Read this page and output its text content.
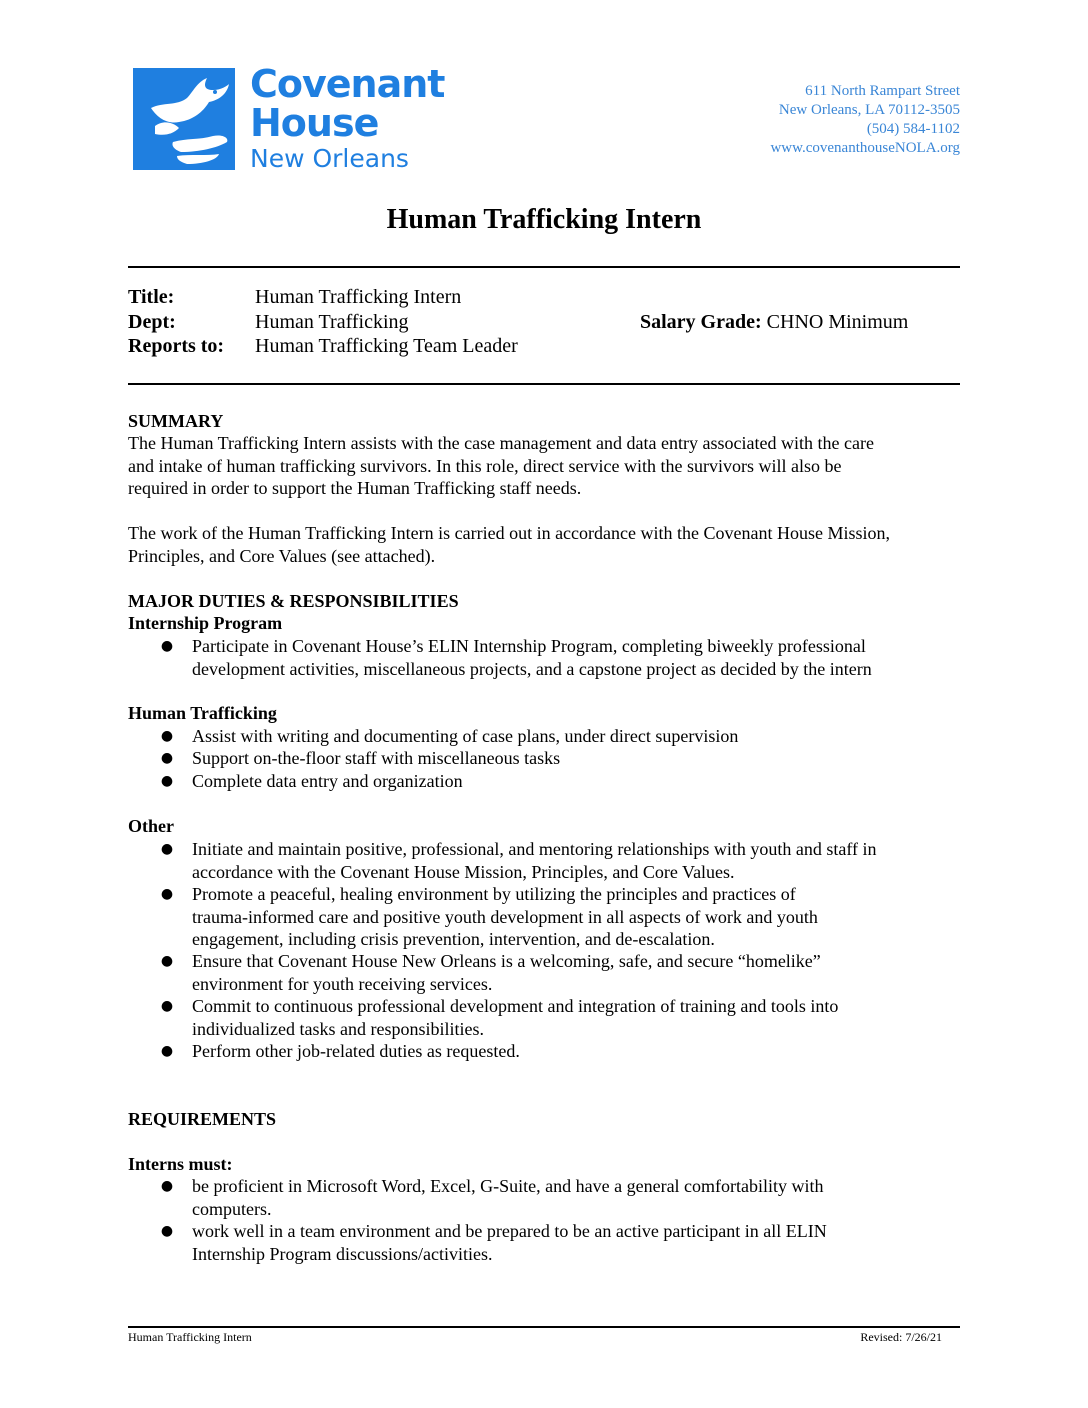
Covenant
House
New Orleans
611 North Rampart Street
New Orleans, LA 70112-3505
(504) 584-1102
www.covenanthouseNOLA.org
Human Trafficking Intern
Title:	Human Trafficking Intern
Dept:	Human Trafficking
Reports to: Human Trafficking Team Leader
Salary Grade: CHNO Minimum
SUMMARY
The Human Trafficking Intern assists with the case management and data entry associated with the care
and intake of human trafficking survivors. In this role, direct service with the survivors will also be
required in order to support the Human Trafficking staff needs.
The work of the Human Trafficking Intern is carried out in accordance with the Covenant House Mission,
Principles, and Core Values (see attached).
MAJOR DUTIES & RESPONSIBILITIES
Internship Program
● Participate in Covenant House’s ELIN Internship Program, completing biweekly professional
development activities, miscellaneous projects, and a capstone project as decided by the intern
Human Trafficking
● Assist with writing and documenting of case plans, under direct supervision
● Support on-the-floor staff with miscellaneous tasks
● Complete data entry and organization
Other
● Initiate and maintain positive, professional, and mentoring relationships with youth and staff in
accordance with the Covenant House Mission, Principles, and Core Values.
● Promote a peaceful, healing environment by utilizing the principles and practices of
trauma-informed care and positive youth development in all aspects of work and youth
engagement, including crisis prevention, intervention, and de-escalation.
● Ensure that Covenant House New Orleans is a welcoming, safe, and secure “homelike”
environment for youth receiving services.
● Commit to continuous professional development and integration of training and tools into
individualized tasks and responsibilities.
● Perform other job-related duties as requested.
REQUIREMENTS
Interns must:
● be proficient in Microsoft Word, Excel, G-Suite, and have a general comfortability with
computers.
● work well in a team environment and be prepared to be an active participant in all ELIN
Internship Program discussions/activities.
Human Trafficking Intern	Revised: 7/26/21
